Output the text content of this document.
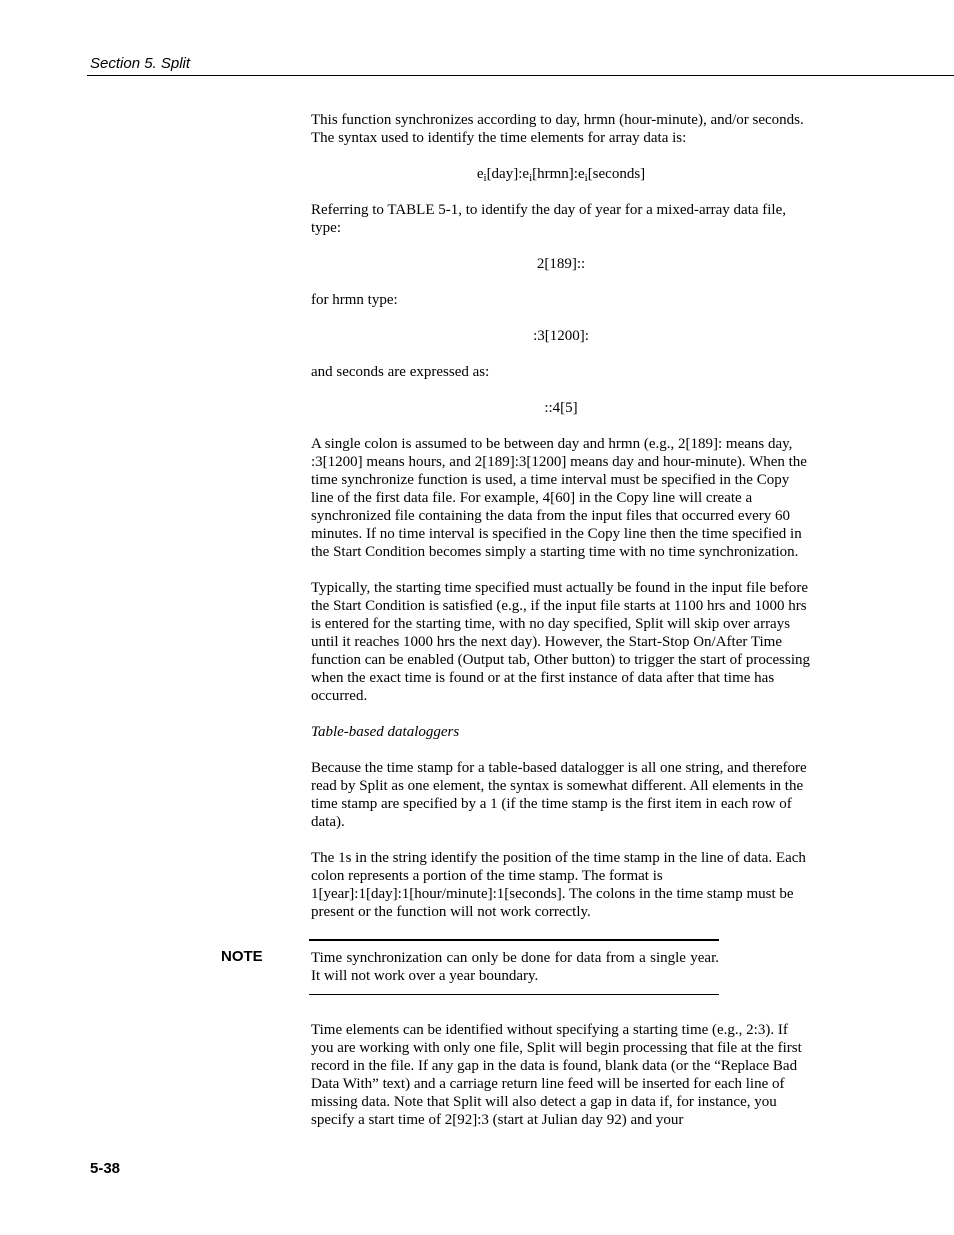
Section 5. Split

This function synchronizes according to day, hrmn (hour-minute), and/or seconds. The syntax used to identify the time elements for array data is:

$e_i[day]:e_i[hrmn]:e_i[seconds]$

Referring to TABLE 5-1, to identify the day of year for a mixed-array data file, type:

2[189]::

for hrmn type:

:3[1200]:

and seconds are expressed as:

::4[5]

A single colon is assumed to be between day and hrmn (e.g., 2[189]: means day, :3[1200] means hours, and 2[189]:3[1200] means day and hour-minute). When the time synchronize function is used, a time interval must be specified in the Copy line of the first data file. For example, 4[60] in the Copy line will create a synchronized file containing the data from the input files that occurred every 60 minutes. If no time interval is specified in the Copy line then the time specified in the Start Condition becomes simply a starting time with no time synchronization.

Typically, the starting time specified must actually be found in the input file before the Start Condition is satisfied (e.g., if the input file starts at 1100 hrs and 1000 hrs is entered for the starting time, with no day specified, Split will skip over arrays until it reaches 1000 hrs the next day). However, the Start-Stop On/After Time function can be enabled (Output tab, Other button) to trigger the start of processing when the exact time is found or at the first instance of data after that time has occurred.

Table-based dataloggers

Because the time stamp for a table-based datalogger is all one string, and therefore read by Split as one element, the syntax is somewhat different. All elements in the time stamp are specified by a 1 (if the time stamp is the first item in each row of data).

The 1s in the string identify the position of the time stamp in the line of data. Each colon represents a portion of the time stamp. The format is 1[year]:1[day]:1[hour/minute]:1[seconds]. The colons in the time stamp must be present or the function will not work correctly.

NOTE	Time synchronization can only be done for data from a single year. It will not work over a year boundary.

Time elements can be identified without specifying a starting time (e.g., 2:3). If you are working with only one file, Split will begin processing that file at the first record in the file. If any gap in the data is found, blank data (or the “Replace Bad Data With” text) and a carriage return line feed will be inserted for each line of missing data. Note that Split will also detect a gap in data if, for instance, you specify a start time of 2[92]:3 (start at Julian day 92) and your

5-38
